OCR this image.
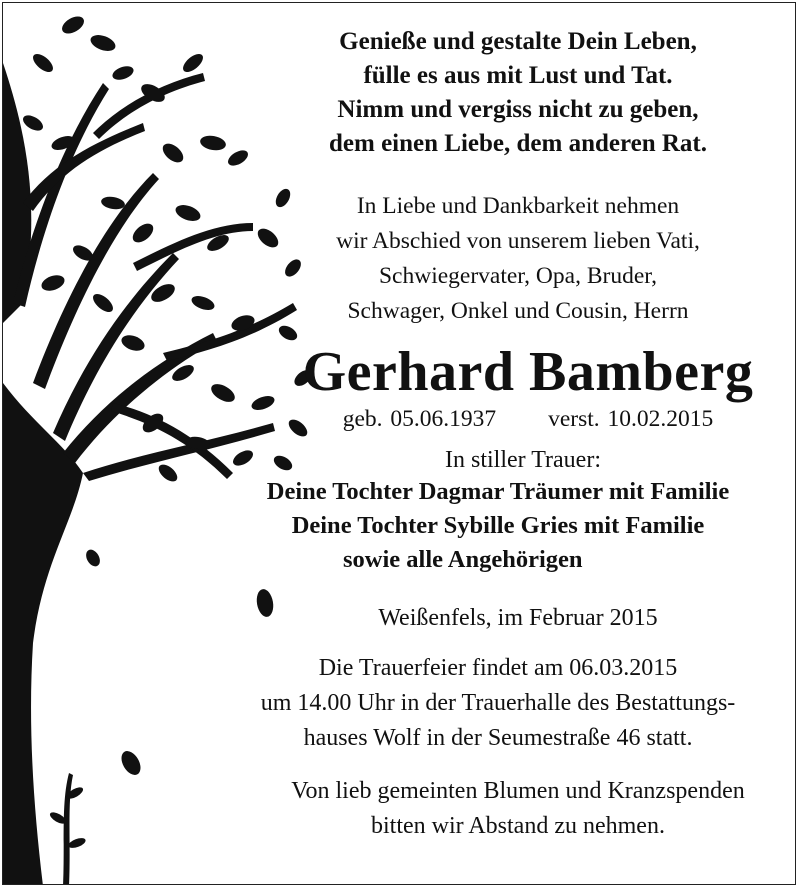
Genieße und gestalte Dein Leben,
fülle es aus mit Lust und Tat.
Nimm und vergiss nicht zu geben,
dem einen Liebe, dem anderen Rat.
In Liebe und Dankbarkeit nehmen
wir Abschied von unserem lieben Vati,
Schwiegervater, Opa, Bruder,
Schwager, Onkel und Cousin, Herrn
Gerhard Bamberg
geb. 05.06.1937 verst. 10.02.2015
In stiller Trauer:
Deine Tochter Dagmar Träumer mit Familie
Deine Tochter Sybille Gries mit Familie
sowie alle Angehörigen
Weißenfels, im Februar 2015
Die Trauerfeier findet am 06.03.2015
um 14.00 Uhr in der Trauerhalle des Bestattungs-
hauses Wolf in der Seumestraße 46 statt.
Von lieb gemeinten Blumen und Kranzspenden
bitten wir Abstand zu nehmen.
